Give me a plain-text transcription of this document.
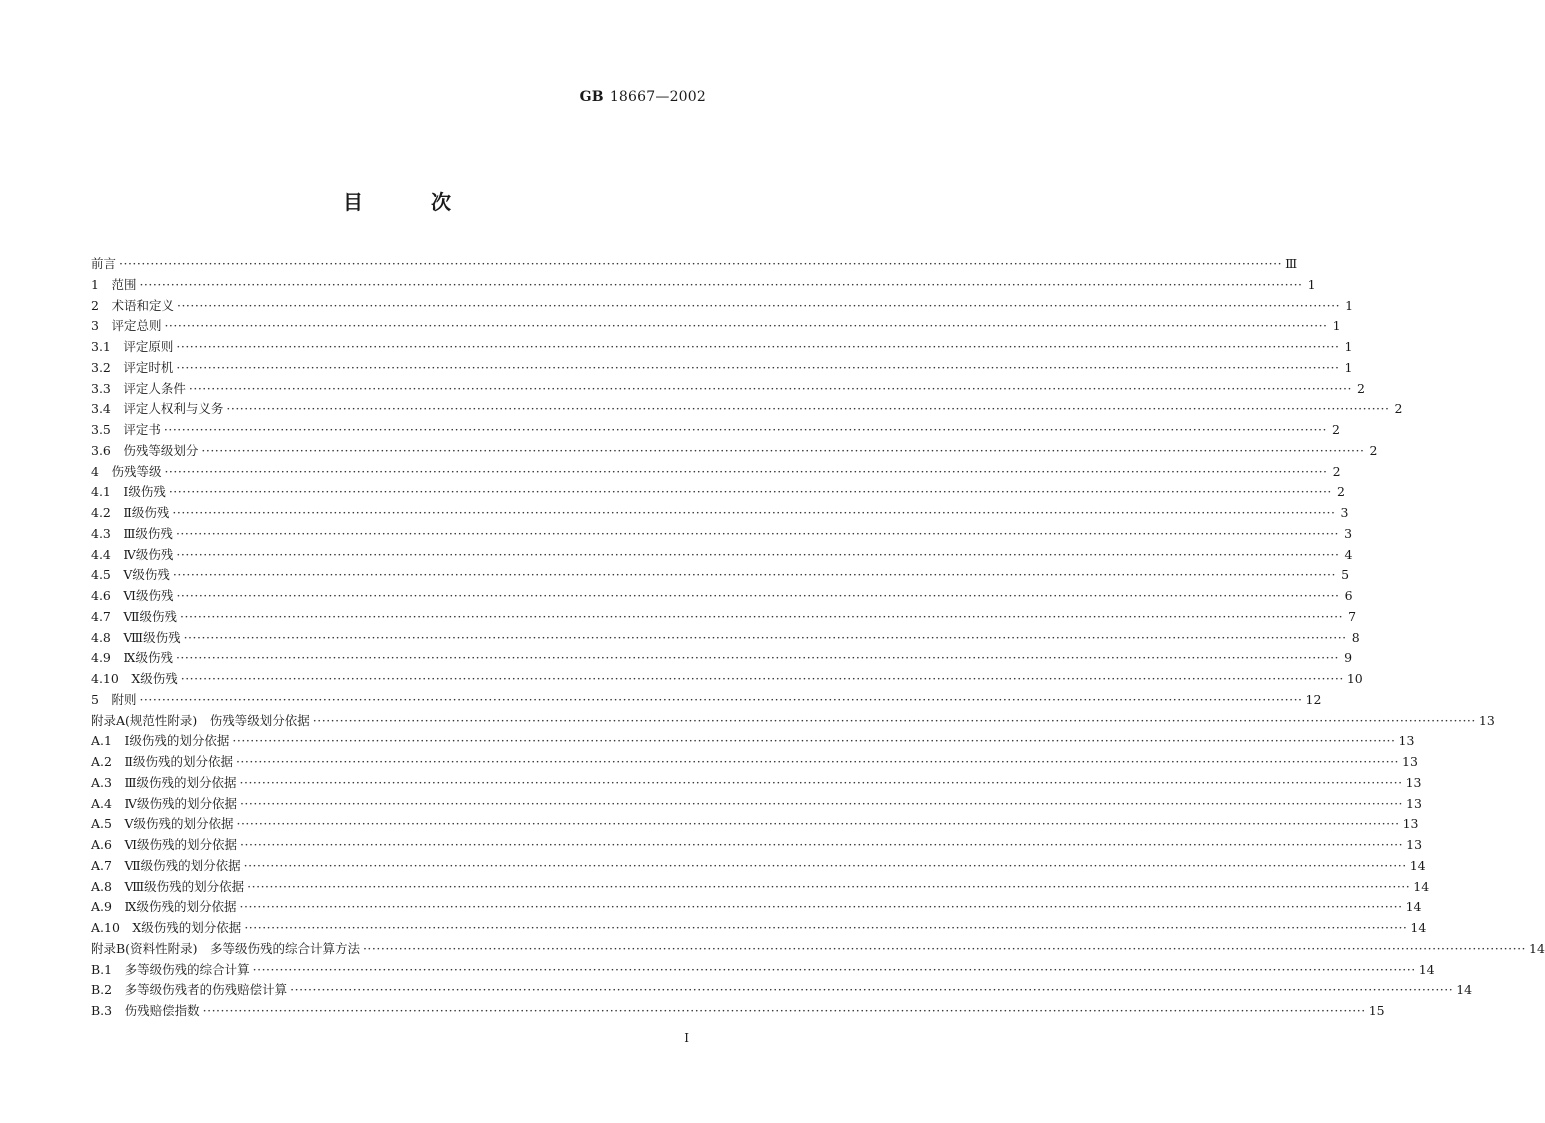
GB 18667—2002
目	次
前言 ···································································································································································································································································· Ⅲ
1　范围 ···································································································································································································································································· 1
2　术语和定义 ···································································································································································································································································· 1
3　评定总则 ···································································································································································································································································· 1
3.1　评定原则 ···································································································································································································································································· 1
3.2　评定时机 ···································································································································································································································································· 1
3.3　评定人条件 ···································································································································································································································································· 2
3.4　评定人权利与义务 ···································································································································································································································································· 2
3.5　评定书 ···································································································································································································································································· 2
3.6　伤残等级划分 ···································································································································································································································································· 2
4　伤残等级 ···································································································································································································································································· 2
4.1　Ⅰ级伤残 ···································································································································································································································································· 2
4.2　Ⅱ级伤残 ···································································································································································································································································· 3
4.3　Ⅲ级伤残 ···································································································································································································································································· 3
4.4　Ⅳ级伤残 ···································································································································································································································································· 4
4.5　Ⅴ级伤残 ···································································································································································································································································· 5
4.6　Ⅵ级伤残 ···································································································································································································································································· 6
4.7　Ⅶ级伤残 ···································································································································································································································································· 7
4.8　Ⅷ级伤残 ···································································································································································································································································· 8
4.9　Ⅸ级伤残 ···································································································································································································································································· 9
4.10　Ⅹ级伤残 ···································································································································································································································································· 10
5　附则 ···································································································································································································································································· 12
附录A(规范性附录)　伤残等级划分依据 ···································································································································································································································································· 13
A.1　Ⅰ级伤残的划分依据 ···································································································································································································································································· 13
A.2　Ⅱ级伤残的划分依据 ···································································································································································································································································· 13
A.3　Ⅲ级伤残的划分依据 ···································································································································································································································································· 13
A.4　Ⅳ级伤残的划分依据 ···································································································································································································································································· 13
A.5　Ⅴ级伤残的划分依据 ···································································································································································································································································· 13
A.6　Ⅵ级伤残的划分依据 ···································································································································································································································································· 13
A.7　Ⅶ级伤残的划分依据 ···································································································································································································································································· 14
A.8　Ⅷ级伤残的划分依据 ···································································································································································································································································· 14
A.9　Ⅸ级伤残的划分依据 ···································································································································································································································································· 14
A.10　Ⅹ级伤残的划分依据 ···································································································································································································································································· 14
附录B(资料性附录)　多等级伤残的综合计算方法 ···································································································································································································································································· 14
B.1　多等级伤残的综合计算 ···································································································································································································································································· 14
B.2　多等级伤残者的伤残赔偿计算 ···································································································································································································································································· 14
B.3　伤残赔偿指数 ···································································································································································································································································· 15
Ⅰ
